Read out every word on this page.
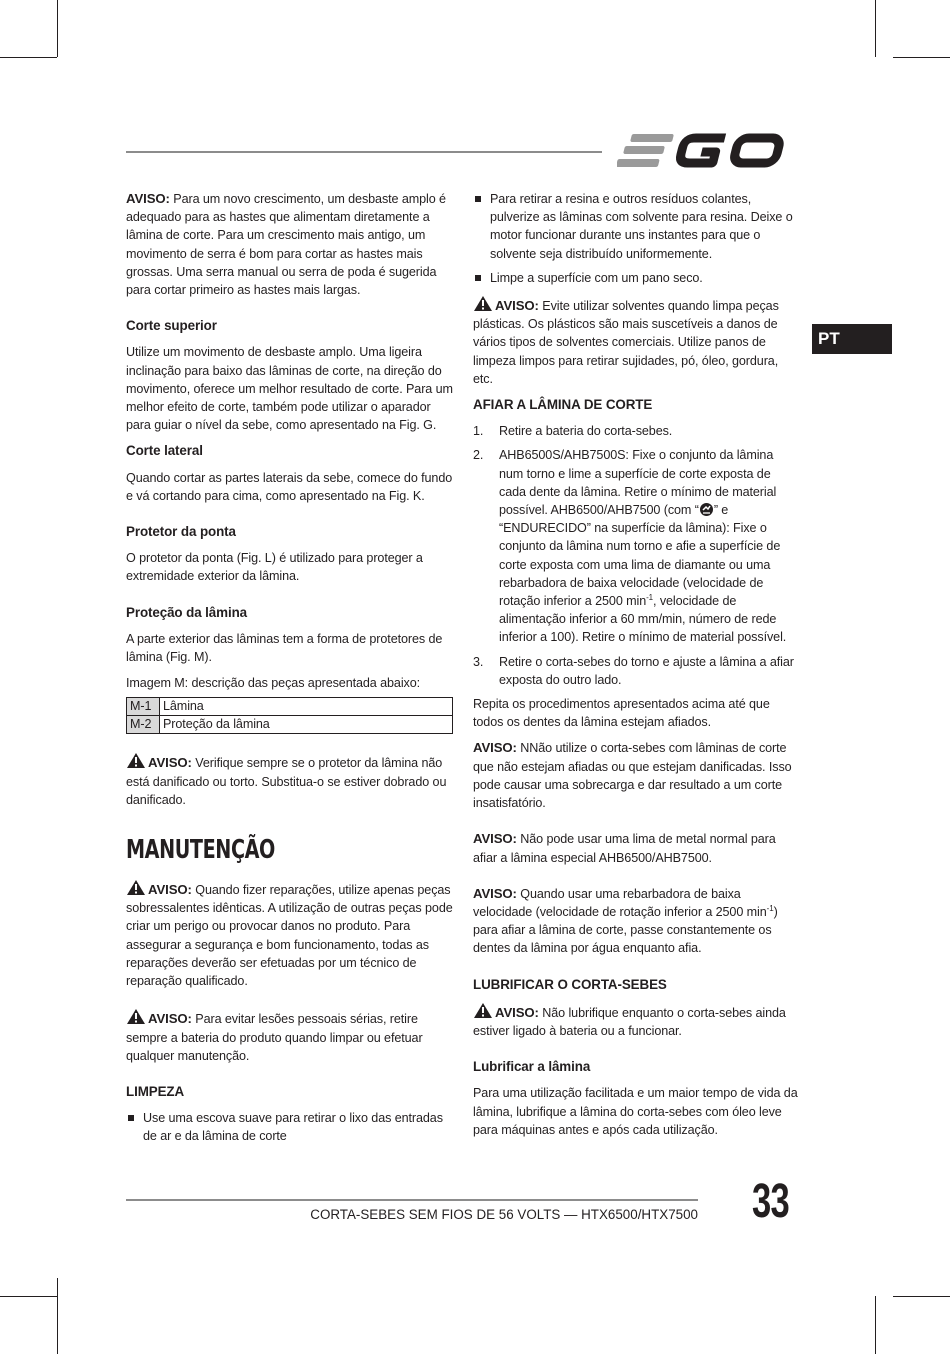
PT

AVISO: Para um novo crescimento, um desbaste amplo é adequado para as hastes que alimentam diretamente a lâmina de corte. Para um crescimento mais antigo, um movimento de serra é bom para cortar as hastes mais grossas. Uma serra manual ou serra de poda é sugerida para cortar primeiro as hastes mais largas.

Corte superior

Utilize um movimento de desbaste amplo. Uma ligeira inclinação para baixo das lâminas de corte, na direção do movimento, oferece um melhor resultado de corte. Para um melhor efeito de corte, também pode utilizar o aparador para guiar o nível da sebe, como apresentado na Fig. G.

Corte lateral

Quando cortar as partes laterais da sebe, comece do fundo e vá cortando para cima, como apresentado na Fig. K.

Protetor da ponta

O protetor da ponta (Fig. L) é utilizado para proteger a extremidade exterior da lâmina.

Proteção da lâmina

A parte exterior das lâminas tem a forma de protetores de lâmina (Fig. M).

Imagem M: descrição das peças apresentada abaixo:

M-1	Lâmina
M-2	Proteção da lâmina

AVISO: Verifique sempre se o protetor da lâmina não está danificado ou torto. Substitua-o se estiver dobrado ou danificado.

MANUTENÇÃO

AVISO: Quando fizer reparações, utilize apenas peças sobressalentes idênticas. A utilização de outras peças pode criar um perigo ou provocar danos no produto. Para assegurar a segurança e bom funcionamento, todas as reparações deverão ser efetuadas por um técnico de reparação qualificado.

AVISO: Para evitar lesões pessoais sérias, retire sempre a bateria do produto quando limpar ou efetuar qualquer manutenção.

LIMPEZA

Use uma escova suave para retirar o lixo das entradas de ar e da lâmina de corte

Para retirar a resina e outros resíduos colantes, pulverize as lâminas com solvente para resina. Deixe o motor funcionar durante uns instantes para que o solvente seja distribuído uniformemente.

Limpe a superfície com um pano seco.

AVISO: Evite utilizar solventes quando limpa peças plásticas. Os plásticos são mais suscetíveis a danos de vários tipos de solventes comerciais. Utilize panos de limpeza limpos para retirar sujidades, pó, óleo, gordura, etc.

AFIAR A LÂMINA DE CORTE

1. Retire a bateria do corta-sebes.
2. AHB6500S/AHB7500S: Fixe o conjunto da lâmina num torno e lime a superfície de corte exposta de cada dente da lâmina. Retire o mínimo de material possível. AHB6500/AHB7500 (com “ ” e “ENDURECIDO” na superfície da lâmina): Fixe o conjunto da lâmina num torno e afie a superfície de corte exposta com uma lima de diamante ou uma rebarbadora de baixa velocidade (velocidade de rotação inferior a 2500 $\min^{-1}$, velocidade de alimentação inferior a 60 mm/min, número de rede inferior a 100). Retire o mínimo de material possível.
3. Retire o corta-sebes do torno e ajuste a lâmina a afiar exposta do outro lado.

Repita os procedimentos apresentados acima até que todos os dentes da lâmina estejam afiados.

AVISO: NNão utilize o corta-sebes com lâminas de corte que não estejam afiadas ou que estejam danificadas. Isso pode causar uma sobrecarga e dar resultado a um corte insatisfatório.

AVISO: Não pode usar uma lima de metal normal para afiar a lâmina especial AHB6500/AHB7500.

AVISO: Quando usar uma rebarbadora de baixa velocidade (velocidade de rotação inferior a 2500 $\min^{-1}$) para afiar a lâmina de corte, passe constantemente os dentes da lâmina por água enquanto afia.

LUBRIFICAR O CORTA-SEBES

AVISO: Não lubrifique enquanto o corta-sebes ainda estiver ligado à bateria ou a funcionar.

Lubrificar a lâmina

Para uma utilização facilitada e um maior tempo de vida da lâmina, lubrifique a lâmina do corta-sebes com óleo leve para máquinas antes e após cada utilização.

CORTA-SEBES SEM FIOS DE 56 VOLTS — HTX6500/HTX7500 33
